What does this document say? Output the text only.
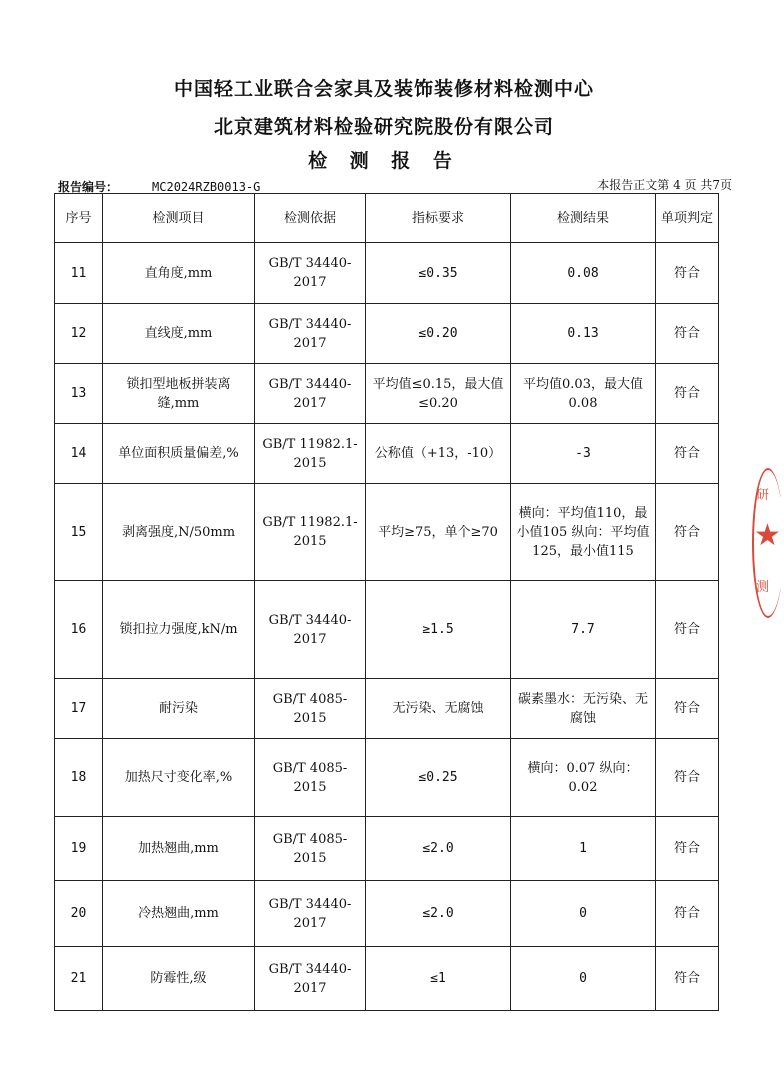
中国轻工业联合会家具及装饰装修材料检测中心
北京建筑材料检验研究院股份有限公司
检 测 报 告
报告编号：	MC2024RZB0013-G	本报告正文第 4 页 共7页
序号	检测项目	检测依据	指标要求	检测结果	单项判定
11	直角度,mm	GB/T 34440-2017	≤0.35	0.08	符合
12	直线度,mm	GB/T 34440-2017	≤0.20	0.13	符合
13	锁扣型地板拼装离缝,mm	GB/T 34440-2017	平均值≤0.15，最大值≤0.20	平均值0.03，最大值0.08	符合
14	单位面积质量偏差,%	GB/T 11982.1-2015	公称值（+13，-10）	-3	符合
15	剥离强度,N/50mm	GB/T 11982.1-2015	平均≥75，单个≥70	横向：平均值110，最小值105 纵向：平均值125，最小值115	符合
16	锁扣拉力强度,kN/m	GB/T 34440-2017	≥1.5	7.7	符合
17	耐污染	GB/T 4085-2015	无污染、无腐蚀	碳素墨水：无污染、无腐蚀	符合
18	加热尺寸变化率,%	GB/T 4085-2015	≤0.25	横向：0.07 纵向：0.02	符合
19	加热翘曲,mm	GB/T 4085-2015	≤2.0	1	符合
20	冷热翘曲,mm	GB/T 34440-2017	≤2.0	0	符合
21	防霉性,级	GB/T 34440-2017	≤1	0	符合
研
★
测
